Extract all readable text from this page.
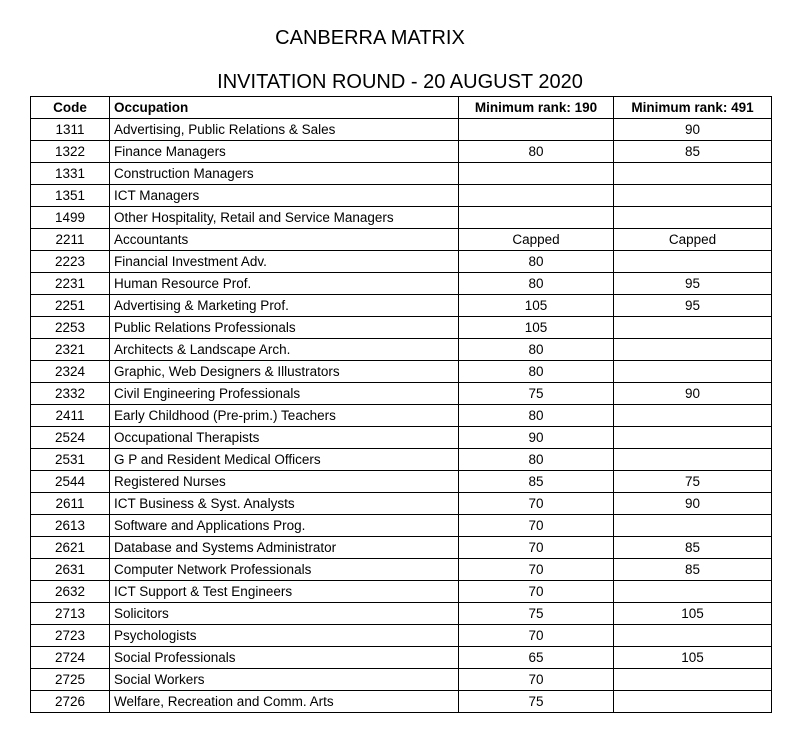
CANBERRA MATRIX
INVITATION ROUND - 20 AUGUST 2020
Code	Occupation	Minimum rank: 190	Minimum rank: 491
1311	Advertising, Public Relations & Sales		90
1322	Finance Managers	80	85
1331	Construction Managers		
1351	ICT Managers		
1499	Other Hospitality, Retail and Service Managers		
2211	Accountants	Capped	Capped
2223	Financial Investment Adv.	80	
2231	Human Resource Prof.	80	95
2251	Advertising & Marketing Prof.	105	95
2253	Public Relations Professionals	105	
2321	Architects & Landscape Arch.	80	
2324	Graphic, Web Designers & Illustrators	80	
2332	Civil Engineering Professionals	75	90
2411	Early Childhood (Pre-prim.) Teachers	80	
2524	Occupational Therapists	90	
2531	G P and Resident Medical Officers	80	
2544	Registered Nurses	85	75
2611	ICT Business & Syst. Analysts	70	90
2613	Software and Applications Prog.	70	
2621	Database and Systems Administrator	70	85
2631	Computer Network Professionals	70	85
2632	ICT Support & Test Engineers	70	
2713	Solicitors	75	105
2723	Psychologists	70	
2724	Social Professionals	65	105
2725	Social Workers	70	
2726	Welfare, Recreation and Comm. Arts	75	
